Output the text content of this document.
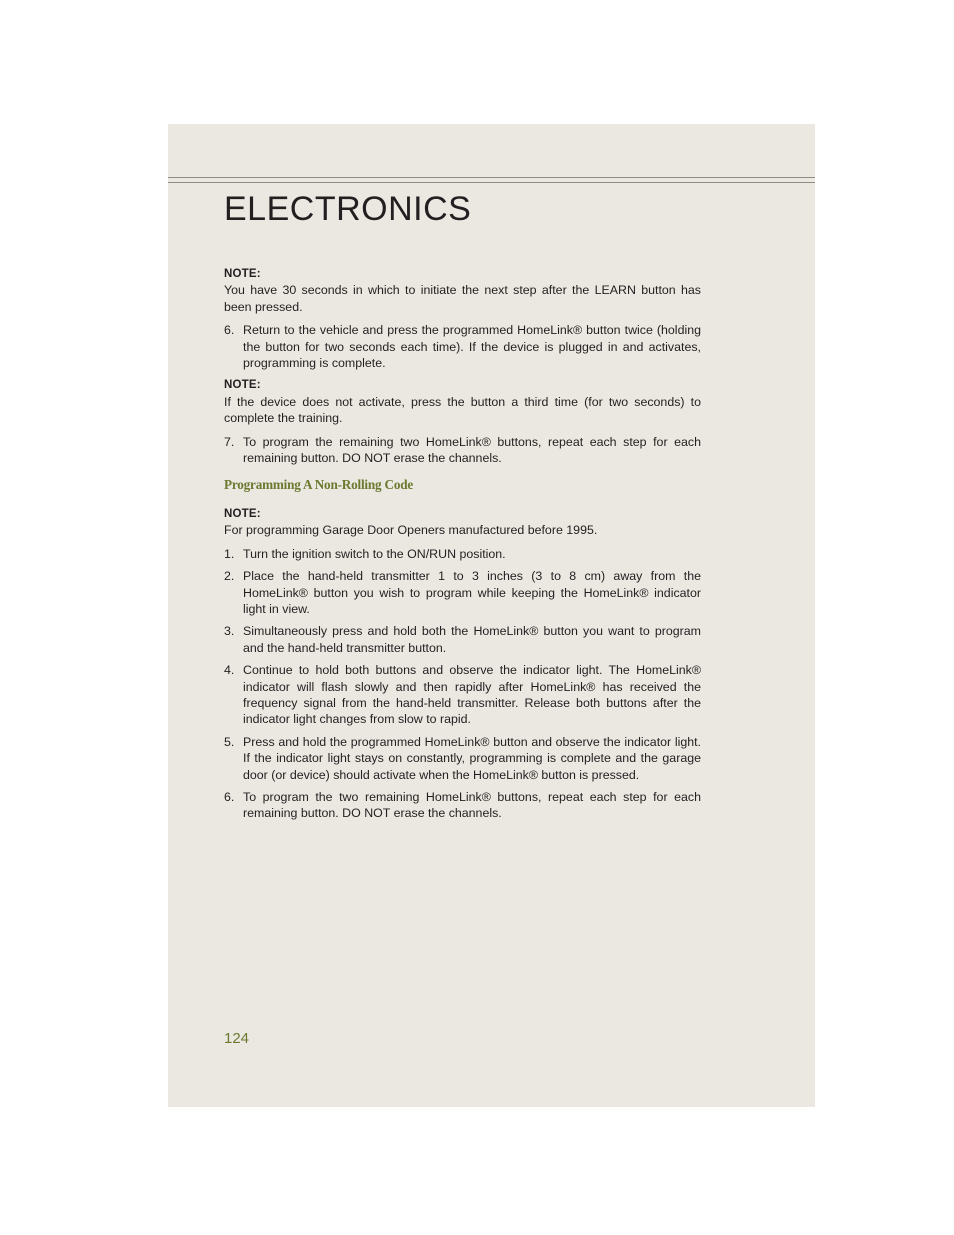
ELECTRONICS

NOTE:

You have 30 seconds in which to initiate the next step after the LEARN button has been pressed.

6. Return to the vehicle and press the programmed HomeLink® button twice (holding the button for two seconds each time). If the device is plugged in and activates, programming is complete.

NOTE:

If the device does not activate, press the button a third time (for two seconds) to complete the training.

7. To program the remaining two HomeLink® buttons, repeat each step for each remaining button. DO NOT erase the channels.
Programming A Non-Rolling Code

NOTE:

For programming Garage Door Openers manufactured before 1995.

1. Turn the ignition switch to the ON/RUN position.
2. Place the hand-held transmitter 1 to 3 inches (3 to 8 cm) away from the HomeLink® button you wish to program while keeping the HomeLink® indicator light in view.
3. Simultaneously press and hold both the HomeLink® button you want to program and the hand-held transmitter button.
4. Continue to hold both buttons and observe the indicator light. The HomeLink® indicator will flash slowly and then rapidly after HomeLink® has received the frequency signal from the hand-held transmitter. Release both buttons after the indicator light changes from slow to rapid.
5. Press and hold the programmed HomeLink® button and observe the indicator light. If the indicator light stays on constantly, programming is complete and the garage door (or device) should activate when the HomeLink® button is pressed.
6. To program the two remaining HomeLink® buttons, repeat each step for each remaining button. DO NOT erase the channels.
124
